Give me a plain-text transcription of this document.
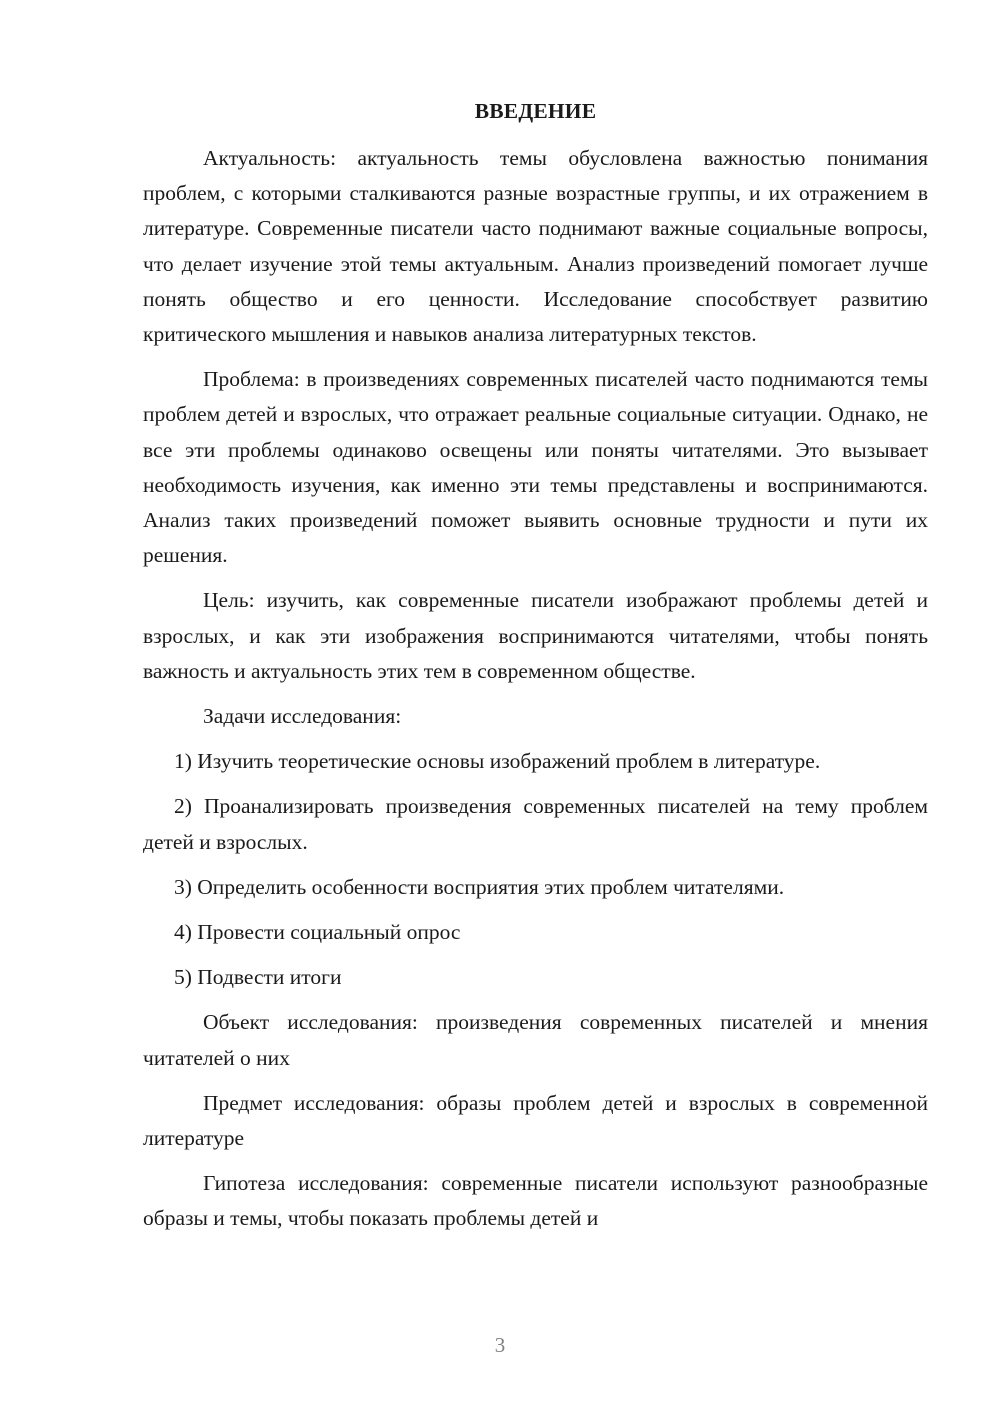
ВВЕДЕНИЕ

Актуальность: актуальность темы обусловлена важностью понимания проблем, с которыми сталкиваются разные возрастные группы, и их отражением в литературе. Современные писатели часто поднимают важные социальные вопросы, что делает изучение этой темы актуальным. Анализ произведений помогает лучше понять общество и его ценности. Исследование способствует развитию критического мышления и навыков анализа литературных текстов.

Проблема: в произведениях современных писателей часто поднимаются темы проблем детей и взрослых, что отражает реальные социальные ситуации. Однако, не все эти проблемы одинаково освещены или поняты читателями. Это вызывает необходимость изучения, как именно эти темы представлены и воспринимаются. Анализ таких произведений поможет выявить основные трудности и пути их решения.

Цель: изучить, как современные писатели изображают проблемы детей и взрослых, и как эти изображения воспринимаются читателями, чтобы понять важность и актуальность этих тем в современном обществе.

Задачи исследования:

1) Изучить теоретические основы изображений проблем в литературе.

2) Проанализировать произведения современных писателей на тему проблем детей и взрослых.

3) Определить особенности восприятия этих проблем читателями.

4) Провести социальный опрос

5) Подвести итоги

Объект исследования: произведения современных писателей и мнения читателей о них

Предмет исследования: образы проблем детей и взрослых в современной литературе

Гипотеза исследования: современные писатели используют разнообразные образы и темы, чтобы показать проблемы детей и

3
